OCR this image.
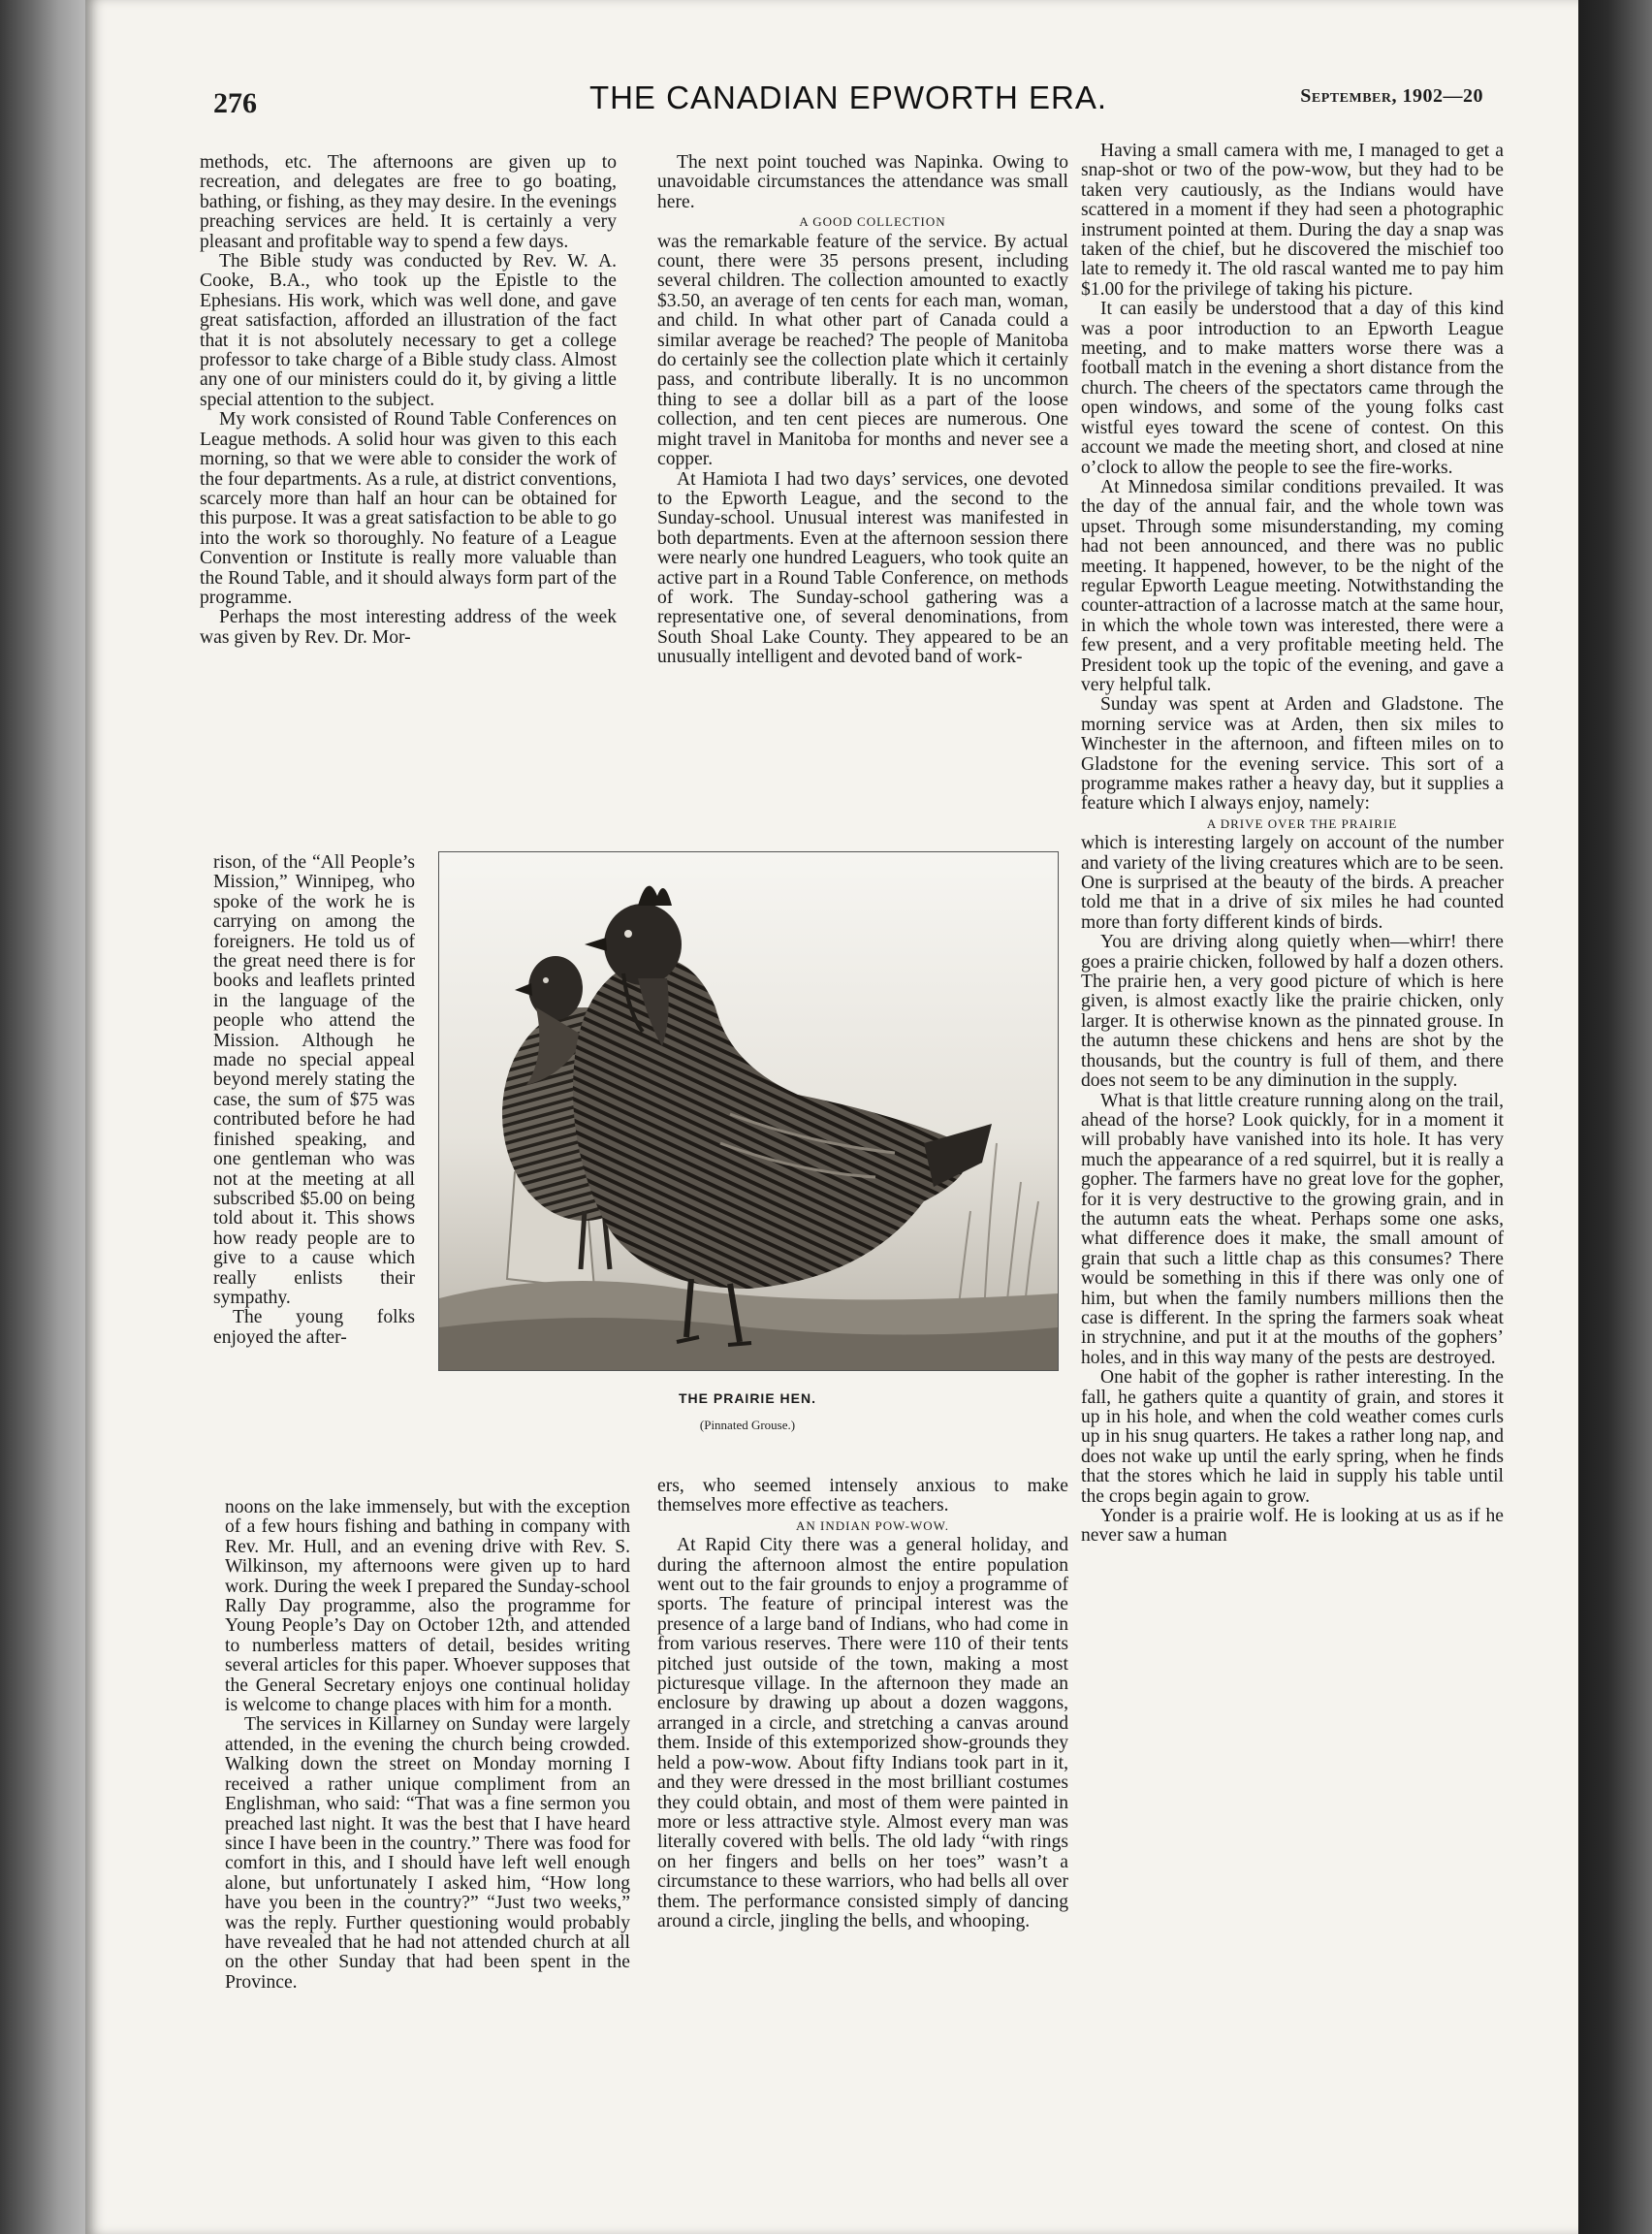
276	THE CANADIAN EPWORTH ERA.	September, 1902—20

methods, etc. The afternoons are given up to recreation, and delegates are free to go boating, bathing, or fishing, as they may desire. In the evenings preaching services are held. It is certainly a very pleasant and profitable way to spend a few days.

The Bible study was conducted by Rev. W. A. Cooke, B.A., who took up the Epistle to the Ephesians. His work, which was well done, and gave great satisfaction, afforded an illustration of the fact that it is not absolutely necessary to get a college professor to take charge of a Bible study class. Almost any one of our ministers could do it, by giving a little special attention to the subject.

My work consisted of Round Table Conferences on League methods. A solid hour was given to this each morning, so that we were able to consider the work of the four departments. As a rule, at district conventions, scarcely more than half an hour can be obtained for this purpose. It was a great satisfaction to be able to go into the work so thoroughly. No feature of a League Convention or Institute is really more valuable than the Round Table, and it should always form part of the programme.

Perhaps the most interesting address of the week was given by Rev. Dr. Mor-

rison, of the “All People’s Mission,” Winnipeg, who spoke of the work he is carrying on among the foreigners. He told us of the great need there is for books and leaflets printed in the language of the people who attend the Mission. Although he made no special appeal beyond merely stating the case, the sum of $75 was contributed before he had finished speaking, and one gentleman who was not at the meeting at all subscribed $5.00 on being told about it. This shows how ready people are to give to a cause which really enlists their sympathy.

The young folks enjoyed the after-

noons on the lake immensely, but with the exception of a few hours fishing and bathing in company with Rev. Mr. Hull, and an evening drive with Rev. S. Wilkinson, my afternoons were given up to hard work. During the week I prepared the Sunday-school Rally Day programme, also the programme for Young People’s Day on October 12th, and attended to numberless matters of detail, besides writing several articles for this paper. Whoever supposes that the General Secretary enjoys one continual holiday is welcome to change places with him for a month.

The services in Killarney on Sunday were largely attended, in the evening the church being crowded. Walking down the street on Monday morning I received a rather unique compliment from an Englishman, who said: “That was a fine sermon you preached last night. It was the best that I have heard since I have been in the country.” There was food for comfort in this, and I should have left well enough alone, but unfortunately I asked him, “How long have you been in the country?” “Just two weeks,” was the reply. Further questioning would probably have revealed that he had not attended church at all on the other Sunday that had been spent in the Province.

The next point touched was Napinka. Owing to unavoidable circumstances the attendance was small here.

A GOOD COLLECTION

was the remarkable feature of the service. By actual count, there were 35 persons present, including several children. The collection amounted to exactly $3.50, an average of ten cents for each man, woman, and child. In what other part of Canada could a similar average be reached? The people of Manitoba do certainly see the collection plate which it certainly pass, and contribute liberally. It is no uncommon thing to see a dollar bill as a part of the loose collection, and ten cent pieces are numerous. One might travel in Manitoba for months and never see a copper.

At Hamiota I had two days’ services, one devoted to the Epworth League, and the second to the Sunday-school. Unusual interest was manifested in both departments. Even at the afternoon session there were nearly one hundred Leaguers, who took quite an active part in a Round Table Conference, on methods of work. The Sunday-school gathering was a representative one, of several denominations, from South Shoal Lake County. They appeared to be an unusually intelligent and devoted band of work-

ers, who seemed intensely anxious to make themselves more effective as teachers.

AN INDIAN POW-WOW.

At Rapid City there was a general holiday, and during the afternoon almost the entire population went out to the fair grounds to enjoy a programme of sports. The feature of principal interest was the presence of a large band of Indians, who had come in from various reserves. There were 110 of their tents pitched just outside of the town, making a most picturesque village. In the afternoon they made an enclosure by drawing up about a dozen waggons, arranged in a circle, and stretching a canvas around them. Inside of this extemporized show-grounds they held a pow-wow. About fifty Indians took part in it, and they were dressed in the most brilliant costumes they could obtain, and most of them were painted in more or less attractive style. Almost every man was literally covered with bells. The old lady “with rings on her fingers and bells on her toes” wasn’t a circumstance to these warriors, who had bells all over them. The performance consisted simply of dancing around a circle, jingling the bells, and whooping.

Having a small camera with me, I managed to get a snap-shot or two of the pow-wow, but they had to be taken very cautiously, as the Indians would have scattered in a moment if they had seen a photographic instrument pointed at them. During the day a snap was taken of the chief, but he discovered the mischief too late to remedy it. The old rascal wanted me to pay him $1.00 for the privilege of taking his picture.

It can easily be understood that a day of this kind was a poor introduction to an Epworth League meeting, and to make matters worse there was a football match in the evening a short distance from the church. The cheers of the spectators came through the open windows, and some of the young folks cast wistful eyes toward the scene of contest. On this account we made the meeting short, and closed at nine o’clock to allow the people to see the fire-works.

At Minnedosa similar conditions prevailed. It was the day of the annual fair, and the whole town was upset. Through some misunderstanding, my coming had not been announced, and there was no public meeting. It happened, however, to be the night of the regular Epworth League meeting. Notwithstanding the counter-attraction of a lacrosse match at the same hour, in which the whole town was interested, there were a few present, and a very profitable meeting held. The President took up the topic of the evening, and gave a very helpful talk.

Sunday was spent at Arden and Gladstone. The morning service was at Arden, then six miles to Winchester in the afternoon, and fifteen miles on to Gladstone for the evening service. This sort of a programme makes rather a heavy day, but it supplies a feature which I always enjoy, namely:

A DRIVE OVER THE PRAIRIE

which is interesting largely on account of the number and variety of the living creatures which are to be seen. One is surprised at the beauty of the birds. A preacher told me that in a drive of six miles he had counted more than forty different kinds of birds.

You are driving along quietly when—whirr! there goes a prairie chicken, followed by half a dozen others. The prairie hen, a very good picture of which is here given, is almost exactly like the prairie chicken, only larger. It is otherwise known as the pinnated grouse. In the autumn these chickens and hens are shot by the thousands, but the country is full of them, and there does not seem to be any diminution in the supply.

What is that little creature running along on the trail, ahead of the horse? Look quickly, for in a moment it will probably have vanished into its hole. It has very much the appearance of a red squirrel, but it is really a gopher. The farmers have no great love for the gopher, for it is very destructive to the growing grain, and in the autumn eats the wheat. Perhaps some one asks, what difference does it make, the small amount of grain that such a little chap as this consumes? There would be something in this if there was only one of him, but when the family numbers millions then the case is different. In the spring the farmers soak wheat in strychnine, and put it at the mouths of the gophers’ holes, and in this way many of the pests are destroyed.

One habit of the gopher is rather interesting. In the fall, he gathers quite a quantity of grain, and stores it up in his hole, and when the cold weather comes curls up in his snug quarters. He takes a rather long nap, and does not wake up until the early spring, when he finds that the stores which he laid in supply his table until the crops begin again to grow.

Yonder is a prairie wolf. He is looking at us as if he never saw a human

THE PRAIRIE HEN.
(Pinnated Grouse.)
